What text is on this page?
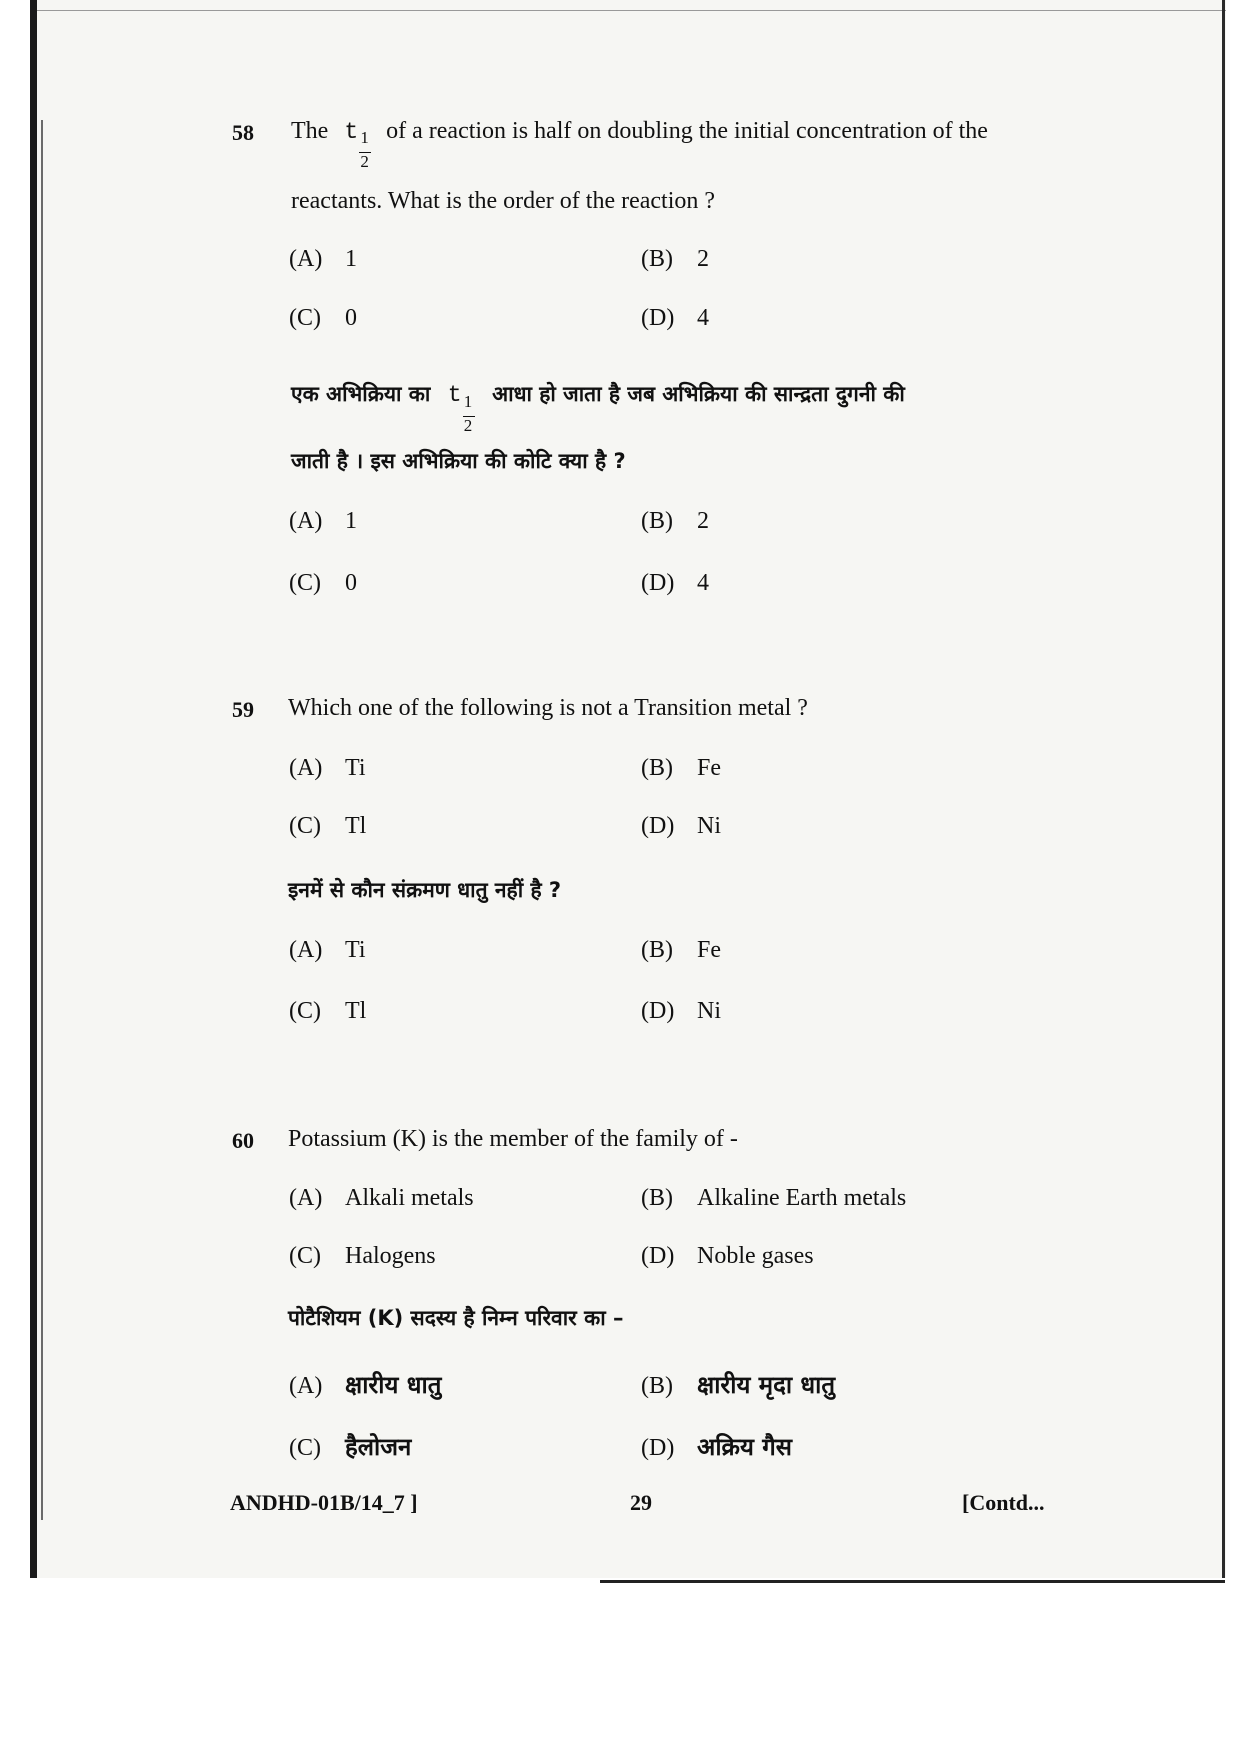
58 The t 1
2
of a reaction is half on doubling the initial concentration of the
reactants. What is the order of the reaction ?
(A) 1	(B) 2
(C) 0	(D) 4
एक अभिक्रिया का t 1
2
आधा हो जाता है जब अभिक्रिया की सान्द्रता दुगनी की
जाती है । इस अभिक्रिया की कोटि क्या है ?
(A) 1	(B) 2
(C) 0	(D) 4
59 Which one of the following is not a Transition metal ?
(A) Ti	(B) Fe
(C) Tl	(D) Ni
इनमें से कौन संक्रमण धातु नहीं है ?
(A) Ti	(B) Fe
(C) Tl	(D) Ni
60 Potassium (K) is the member of the family of -
(A) Alkali metals	(B) Alkaline Earth metals
(C) Halogens	(D) Noble gases
पोटैशियम (K) सदस्य है निम्न परिवार का –
(A) क्षारीय धातु	(B) क्षारीय मृदा धातु
(C) हैलोजन	(D) अक्रिय गैस
ANDHD-01B/14_7 ]	29	[Contd...
